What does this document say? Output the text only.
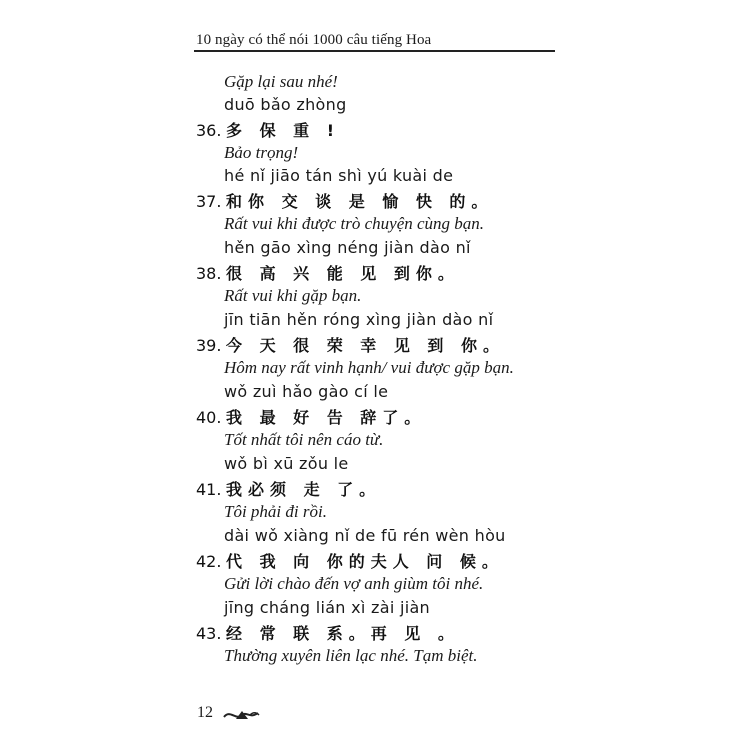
10 ngày có thể nói 1000 câu tiếng Hoa
Gặp lại sau nhé!
duō bǎo zhòng
36. 多 保 重 !
Bảo trọng!
hé nǐ jiāo tán shì yú kuài de
37. 和你 交 谈 是 愉 快 的。
Rất vui khi được trò chuyện cùng bạn.
hěn gāo xìng néng jiàn dào nǐ
38. 很 高 兴 能 见 到你。
Rất vui khi gặp bạn.
jīn tiān hěn róng xìng jiàn dào nǐ
39. 今 天 很 荣 幸 见 到 你。
Hôm nay rất vinh hạnh/ vui được gặp bạn.
wǒ zuì hǎo gào cí le
40. 我 最 好 告 辞了。
Tốt nhất tôi nên cáo từ.
wǒ bì xū zǒu le
41. 我必须 走 了。
Tôi phải đi rồi.
dài wǒ xiàng nǐ de fū rén wèn hòu
42. 代 我 向 你的夫人 问 候。
Gửi lời chào đến vợ anh giùm tôi nhé.
jīng cháng lián xì zài jiàn
43. 经 常 联 系。再 见 。
Thường xuyên liên lạc nhé. Tạm biệt.
12
